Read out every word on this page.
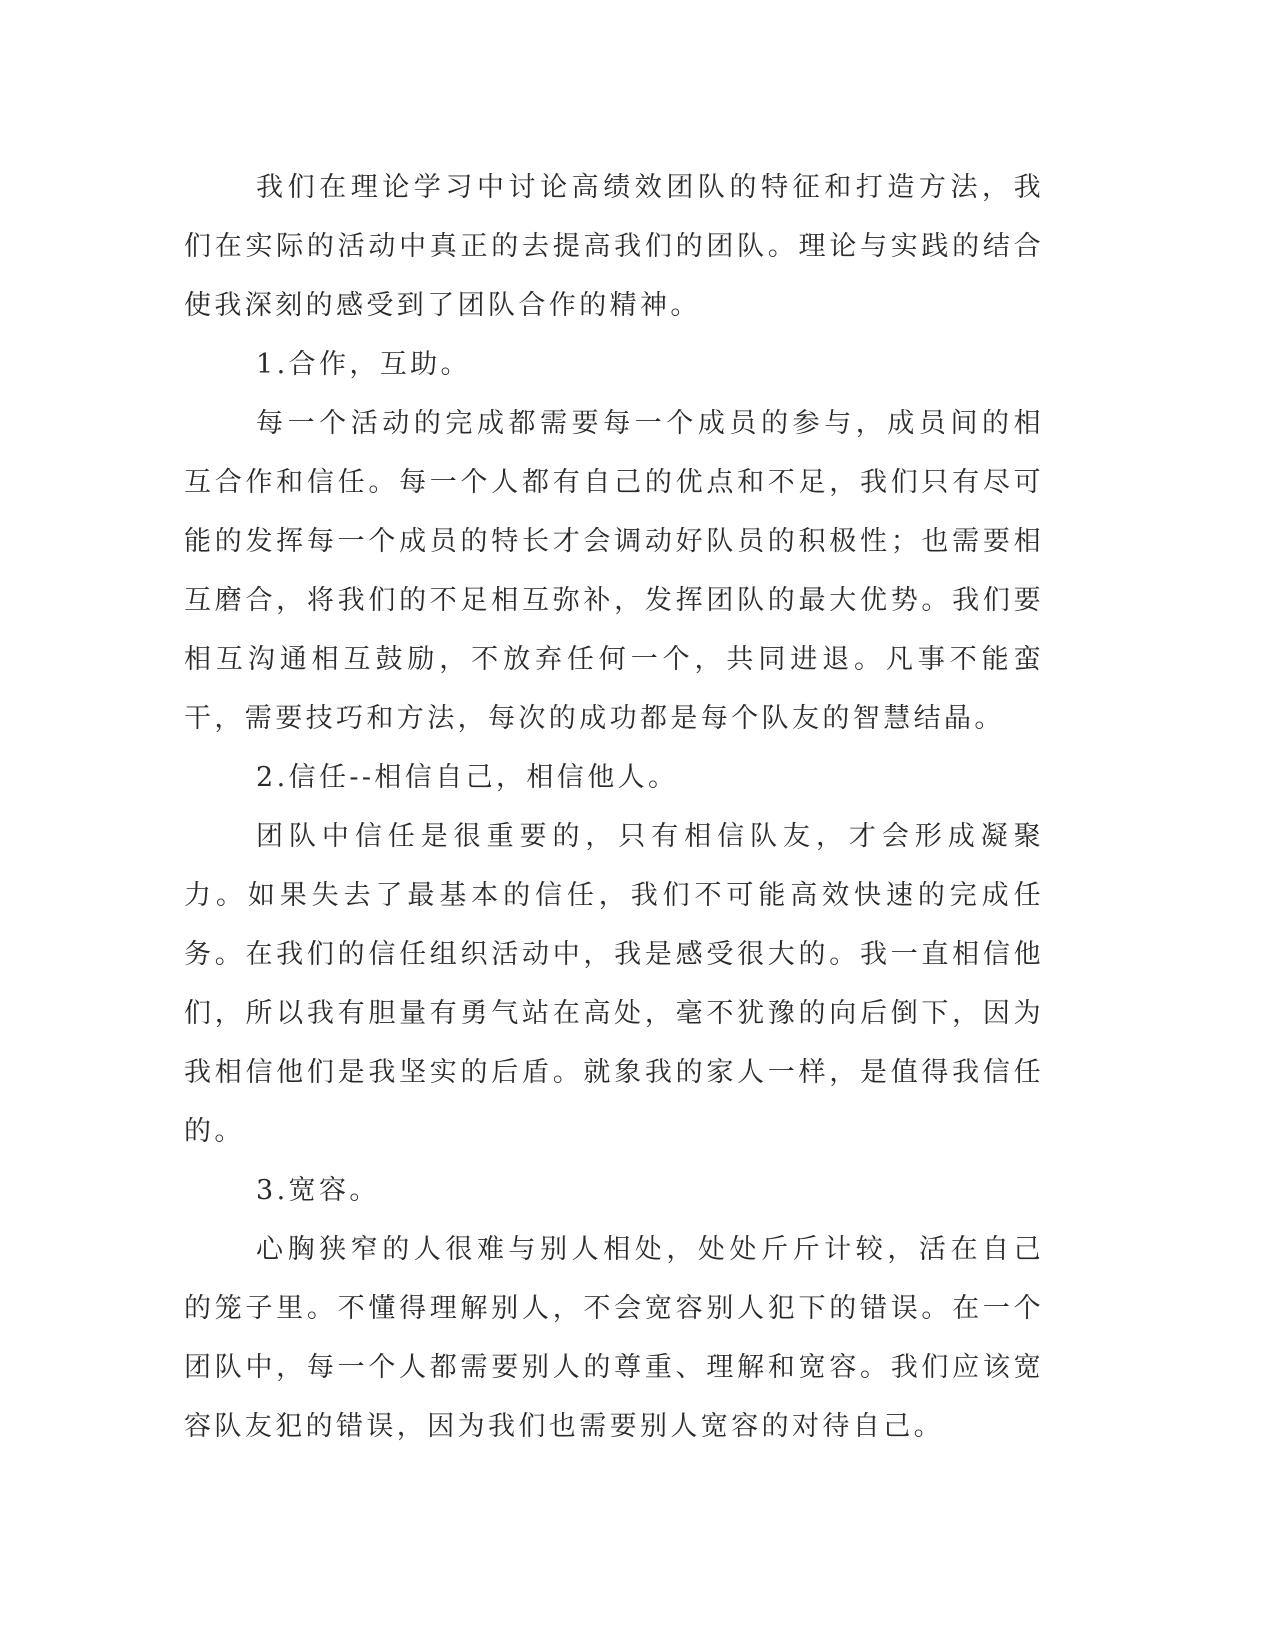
我们在理论学习中讨论高绩效团队的特征和打造方法，我们在实际的活动中真正的去提高我们的团队。理论与实践的结合使我深刻的感受到了团队合作的精神。

1.合作，互助。

每一个活动的完成都需要每一个成员的参与，成员间的相互合作和信任。每一个人都有自己的优点和不足，我们只有尽可能的发挥每一个成员的特长才会调动好队员的积极性；也需要相互磨合，将我们的不足相互弥补，发挥团队的最大优势。我们要相互沟通相互鼓励，不放弃任何一个，共同进退。凡事不能蛮干，需要技巧和方法，每次的成功都是每个队友的智慧结晶。

2.信任--相信自己，相信他人。

团队中信任是很重要的，只有相信队友，才会形成凝聚力。如果失去了最基本的信任，我们不可能高效快速的完成任务。在我们的信任组织活动中，我是感受很大的。我一直相信他们，所以我有胆量有勇气站在高处，毫不犹豫的向后倒下，因为我相信他们是我坚实的后盾。就象我的家人一样，是值得我信任的。

3.宽容。

心胸狭窄的人很难与别人相处，处处斤斤计较，活在自己的笼子里。不懂得理解别人，不会宽容别人犯下的错误。在一个团队中，每一个人都需要别人的尊重、理解和宽容。我们应该宽容队友犯的错误，因为我们也需要别人宽容的对待自己。
